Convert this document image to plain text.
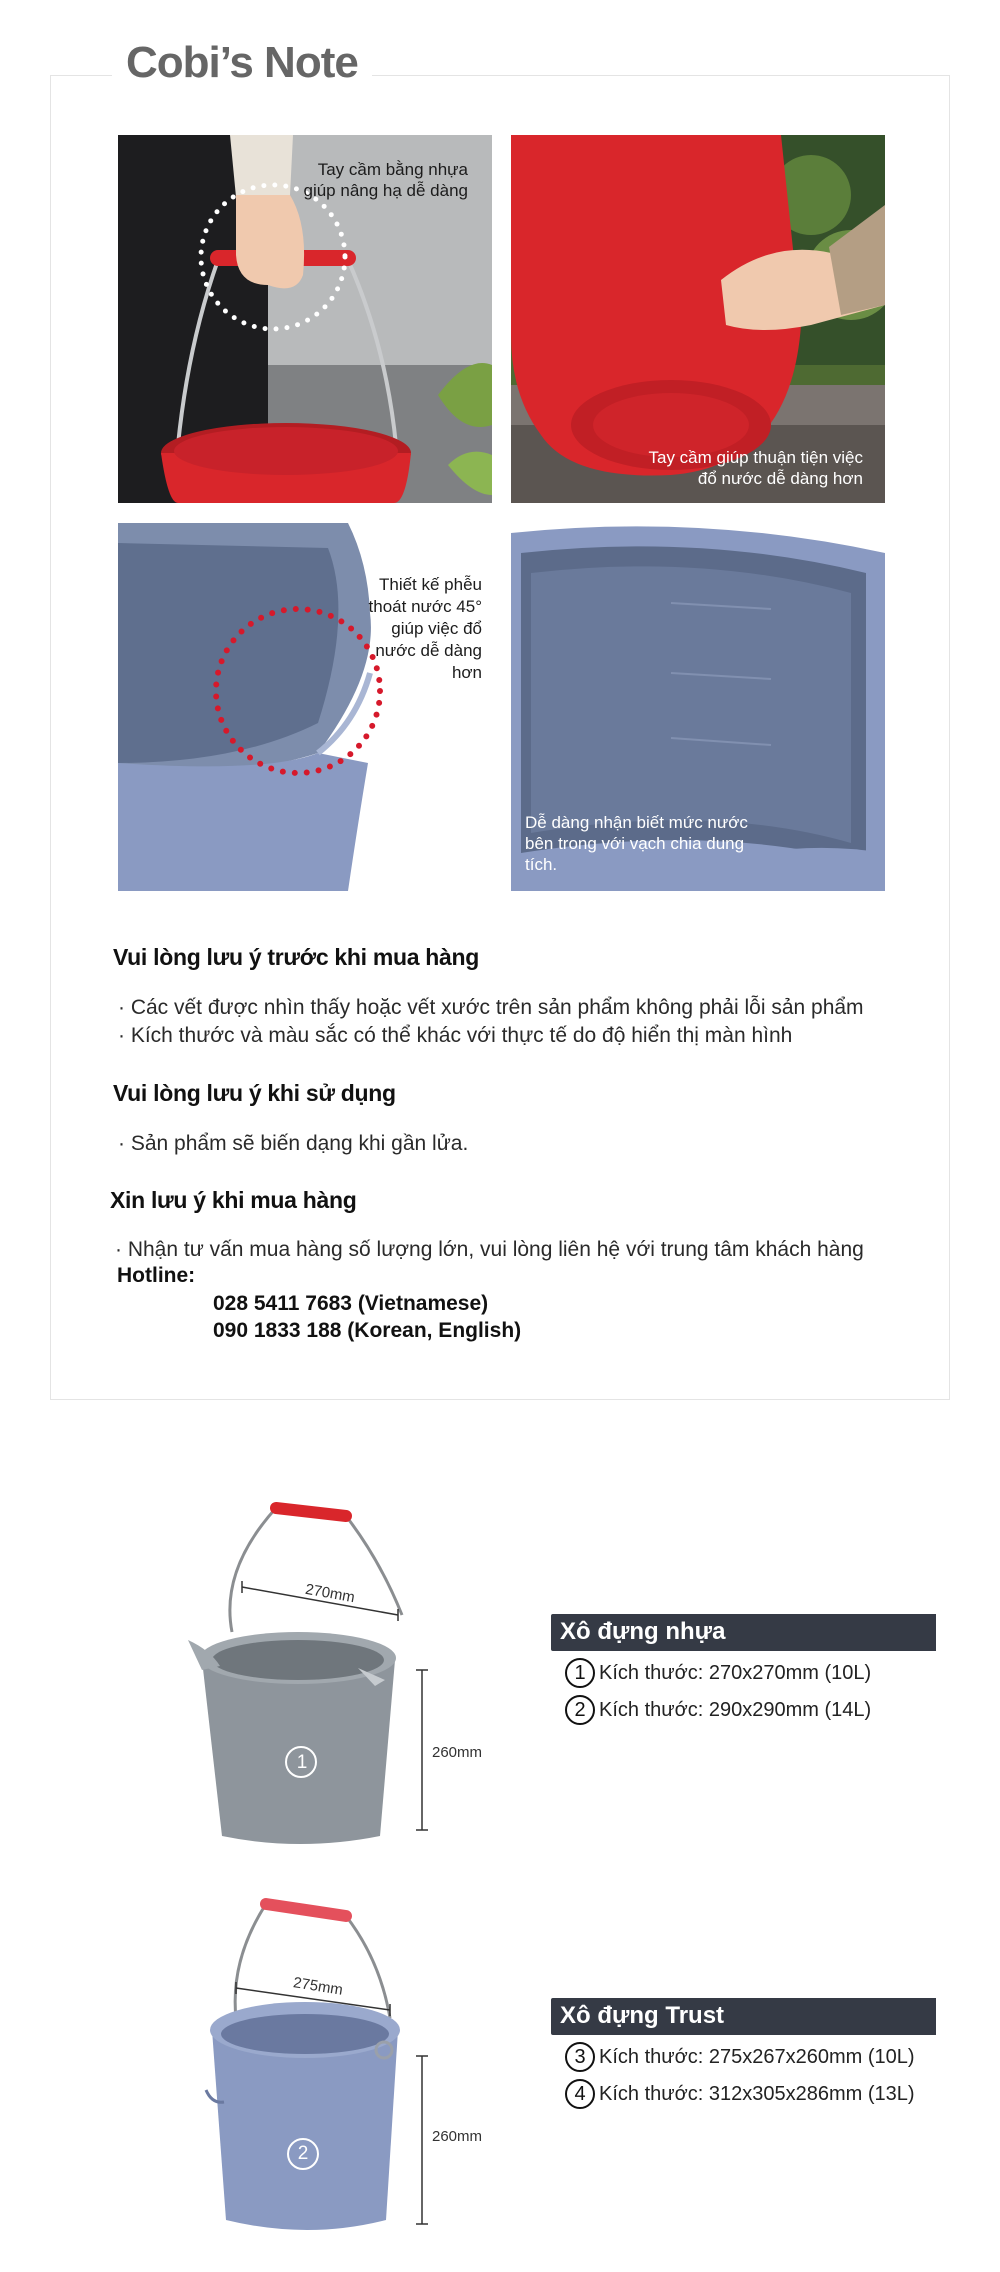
Cobi’s Note
Tay cầm bằng nhựa giúp nâng hạ dễ dàng
Tay cầm giúp thuận tiện việc đổ nước dễ dàng hơn
Thiết kế phễu thoát nước 45° giúp việc đổ nước dễ dàng hơn
Dễ dàng nhận biết mức nước bên trong với vạch chia dung tích.
Vui lòng lưu ý trước khi mua hàng
· Các vết được nhìn thấy hoặc vết xước trên sản phẩm không phải lỗi sản phẩm
· Kích thước và màu sắc có thể khác với thực tế do độ hiển thị màn hình
Vui lòng lưu ý khi sử dụng
· Sản phẩm sẽ biến dạng khi gần lửa.
Xin lưu ý khi mua hàng
· Nhận tư vấn mua hàng số lượng lớn, vui lòng liên hệ với trung tâm khách hàng
Hotline:
028 5411 7683 (Vietnamese)
090 1833 188 (Korean, English)
270mm
260mm
1
Xô đựng nhựa
1 Kích thước: 270x270mm (10L)
2 Kích thước: 290x290mm (14L)
275mm
260mm
2
Xô đựng Trust
3 Kích thước: 275x267x260mm (10L)
4 Kích thước: 312x305x286mm (13L)
